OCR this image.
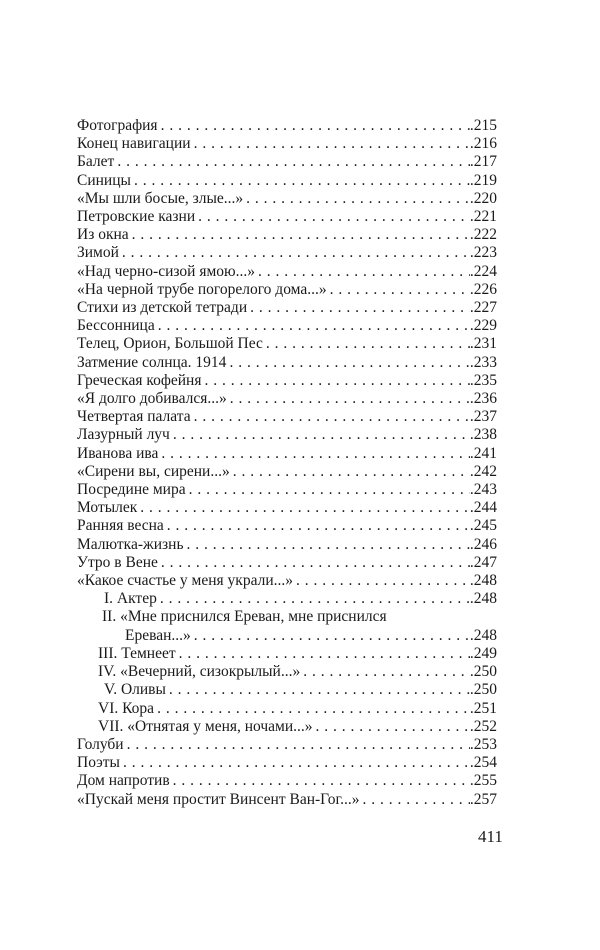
Фотография . . .	.215
Конец навигации . . .	.216
Балет . . .	.217
Синицы . . .	.219
«Мы шли босые, злые...» . . .	.220
Петровские казни . . .	.221
Из окна . . .	.222
Зимой . . .	.223
«Над черно-сизой ямою...» . . .	.224
«На черной трубе погорелого дома...» . . .	.226
Стихи из детской тетради . . .	.227
Бессонница . . .	.229
Телец, Орион, Большой Пес . . .	.231
Затмение солнца. 1914 . . .	.233
Греческая кофейня . . .	.235
«Я долго добивался...» . . .	.236
Четвертая палата . . .	.237
Лазурный луч . . .	.238
Иванова ива . . .	.241
«Сирени вы, сирени...» . . .	.242
Посредине мира . . .	.243
Мотылек . . .	.244
Ранняя весна . . .	.245
Малютка-жизнь . . .	.246
Утро в Вене . . .	.247
«Какое счастье у меня украли...» . . .	.248
I. Актер . . .	.248
II. «Мне приснился Ереван, мне приснился
Ереван...» . . .	.248
III. Темнеет . . .	.249
IV. «Вечерний, сизокрылый...» . . .	.250
V. Оливы . . .	.250
VI. Кора . . .	.251
VII. «Отнятая у меня, ночами...» . . .	.252
Голуби . . .	.253
Поэты . . .	.254
Дом напротив . . .	.255
«Пускай меня простит Винсент Ван-Гог...» . . .	.257
411
